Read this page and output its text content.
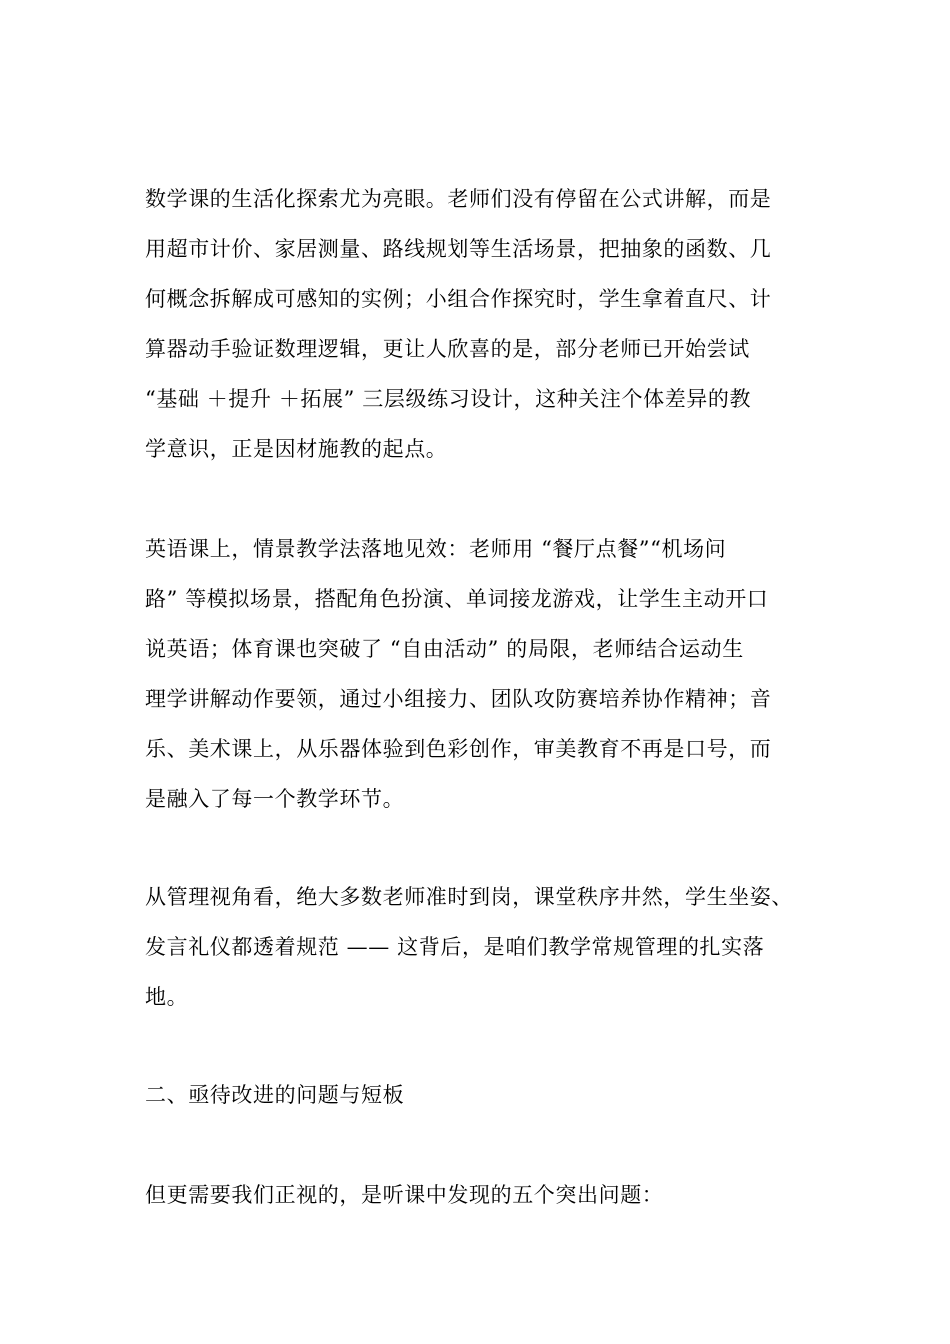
数学课的生活化探索尤为亮眼。老师们没有停留在公式讲解，而是
用超市计价、家居测量、路线规划等生活场景，把抽象的函数、几
何概念拆解成可感知的实例；小组合作探究时，学生拿着直尺、计
算器动手验证数理逻辑，更让人欣喜的是，部分老师已开始尝试
“基础 ＋提升 ＋拓展” 三层级练习设计，这种关注个体差异的教
学意识，正是因材施教的起点。
英语课上，情景教学法落地见效：老师用 “餐厅点餐”“机场问
路” 等模拟场景，搭配角色扮演、单词接龙游戏，让学生主动开口
说英语；体育课也突破了 “自由活动” 的局限，老师结合运动生
理学讲解动作要领，通过小组接力、团队攻防赛培养协作精神；音
乐、美术课上，从乐器体验到色彩创作，审美教育不再是口号，而
是融入了每一个教学环节。
从管理视角看，绝大多数老师准时到岗，课堂秩序井然，学生坐姿、
发言礼仪都透着规范 —— 这背后，是咱们教学常规管理的扎实落
地。
二、亟待改进的问题与短板
但更需要我们正视的，是听课中发现的五个突出问题：
